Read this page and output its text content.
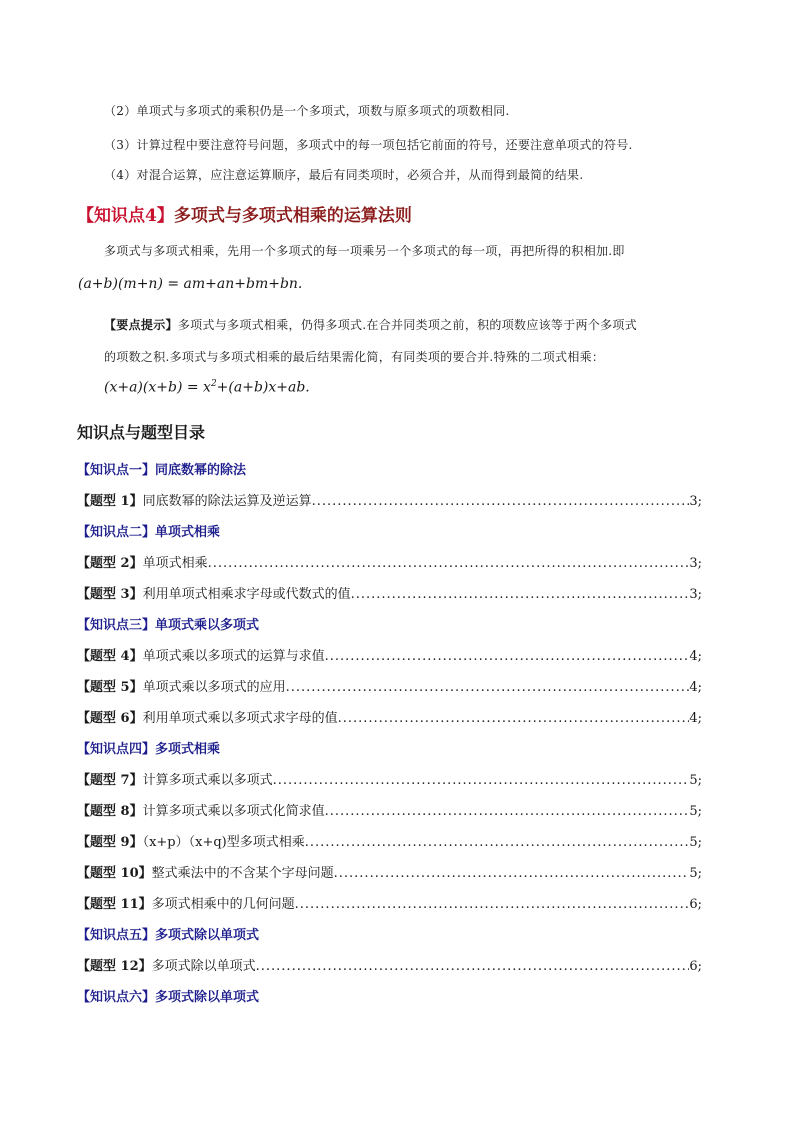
（2）单项式与多项式的乘积仍是一个多项式，项数与原多项式的项数相同.
（3）计算过程中要注意符号问题，多项式中的每一项包括它前面的符号，还要注意单项式的符号.
（4）对混合运算，应注意运算顺序，最后有同类项时，必须合并，从而得到最简的结果.
【知识点4】多项式与多项式相乘的运算法则
多项式与多项式相乘，先用一个多项式的每一项乘另一个多项式的每一项，再把所得的积相加.即
(a+b)(m+n) = am+an+bm+bn.
【要点提示】多项式与多项式相乘，仍得多项式.在合并同类项之前，积的项数应该等于两个多项式
的项数之积.多项式与多项式相乘的最后结果需化简，有同类项的要合并.特殊的二项式相乘：
$(x+a)(x+b) = x^2+(a+b)x+ab$.
知识点与题型目录
【知识点一】同底数幂的除法
【题型 1】同底数幂的除法运算及逆运算 .....	3;
【知识点二】单项式相乘
【题型 2】单项式相乘 .....	3;
【题型 3】利用单项式相乘求字母或代数式的值 .....	3;
【知识点三】单项式乘以多项式
【题型 4】单项式乘以多项式的运算与求值 .....	4;
【题型 5】单项式乘以多项式的应用 .....	4;
【题型 6】利用单项式乘以多项式求字母的值 .....	4;
【知识点四】多项式相乘
【题型 7】计算多项式乘以多项式 .....	5;
【题型 8】计算多项式乘以多项式化简求值 .....	5;
【题型 9】（x+p）（x+q)型多项式相乘 .....	5;
【题型 10】整式乘法中的不含某个字母问题 .....	5;
【题型 11】多项式相乘中的几何问题 .....	6;
【知识点五】多项式除以单项式
【题型 12】多项式除以单项式 .....	6;
【知识点六】多项式除以单项式
